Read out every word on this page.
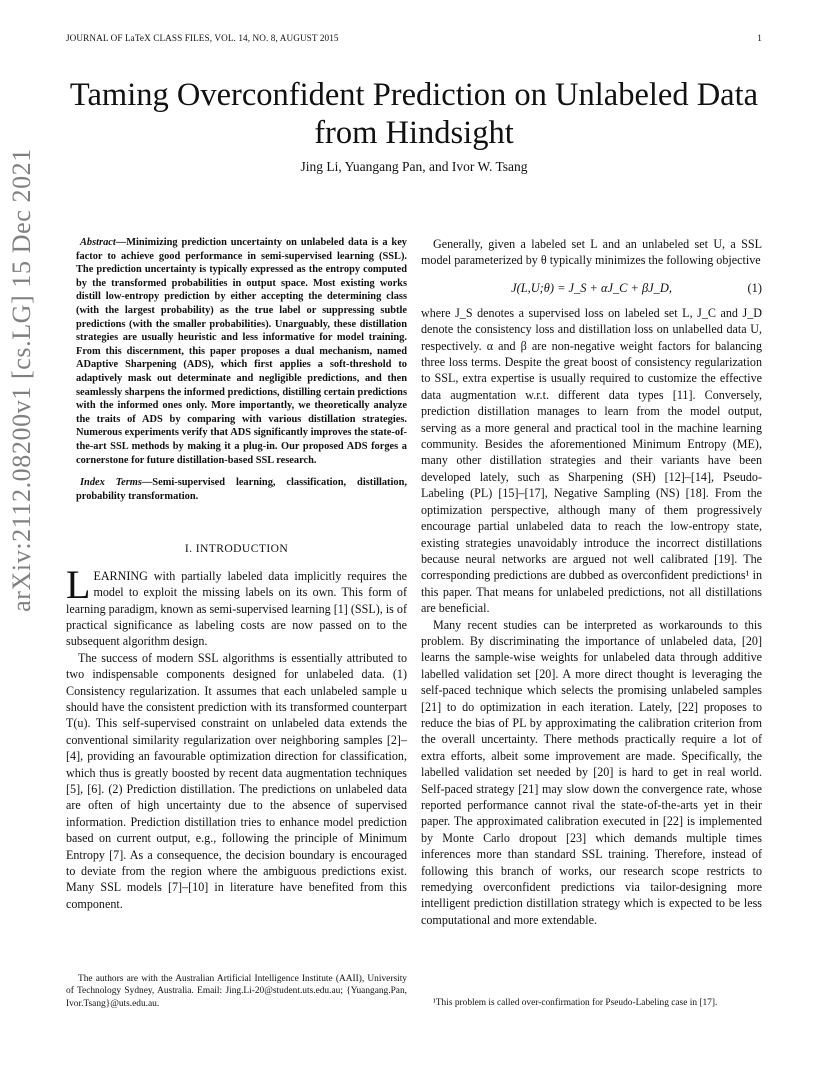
JOURNAL OF LaTeX CLASS FILES, VOL. 14, NO. 8, AUGUST 2015	1
arXiv:2112.08200v1 [cs.LG] 15 Dec 2021
Taming Overconfident Prediction on Unlabeled Data from Hindsight
Jing Li, Yuangang Pan, and Ivor W. Tsang

Abstract—Minimizing prediction uncertainty on unlabeled data is a key factor to achieve good performance in semi-supervised learning (SSL). The prediction uncertainty is typically expressed as the entropy computed by the transformed probabilities in output space. Most existing works distill low-entropy prediction by either accepting the determining class (with the largest probability) as the true label or suppressing subtle predictions (with the smaller probabilities). Unarguably, these distillation strategies are usually heuristic and less informative for model training. From this discernment, this paper proposes a dual mechanism, named ADaptive Sharpening (ADS), which first applies a soft-threshold to adaptively mask out determinate and negligible predictions, and then seamlessly sharpens the informed predictions, distilling certain predictions with the informed ones only. More importantly, we theoretically analyze the traits of ADS by comparing with various distillation strategies. Numerous experiments verify that ADS significantly improves the state-of-the-art SSL methods by making it a plug-in. Our proposed ADS forges a cornerstone for future distillation-based SSL research.

Index Terms—Semi-supervised learning, classification, distillation, probability transformation.

I. INTRODUCTION

LEARNING with partially labeled data implicitly requires the model to exploit the missing labels on its own. This form of learning paradigm, known as semi-supervised learning [1] (SSL), is of practical significance as labeling costs are now passed on to the subsequent algorithm design.

The success of modern SSL algorithms is essentially attributed to two indispensable components designed for unlabeled data. (1) Consistency regularization. It assumes that each unlabeled sample u should have the consistent prediction with its transformed counterpart T(u). This self-supervised constraint on unlabeled data extends the conventional similarity regularization over neighboring samples [2]–[4], providing an favourable optimization direction for classification, which thus is greatly boosted by recent data augmentation techniques [5], [6]. (2) Prediction distillation. The predictions on unlabeled data are often of high uncertainty due to the absence of supervised information. Prediction distillation tries to enhance model prediction based on current output, e.g., following the principle of Minimum Entropy [7]. As a consequence, the decision boundary is encouraged to deviate from the region where the ambiguous predictions exist. Many SSL models [7]–[10] in literature have benefited from this component.

Generally, given a labeled set L and an unlabeled set U, a SSL model parameterized by θ typically minimizes the following objective

J(L,U;θ) = J_S + αJ_C + βJ_D,	(1)

where J_S denotes a supervised loss on labeled set L, J_C and J_D denote the consistency loss and distillation loss on unlabelled data U, respectively. α and β are non-negative weight factors for balancing three loss terms. Despite the great boost of consistency regularization to SSL, extra expertise is usually required to customize the effective data augmentation w.r.t. different data types [11]. Conversely, prediction distillation manages to learn from the model output, serving as a more general and practical tool in the machine learning community. Besides the aforementioned Minimum Entropy (ME), many other distillation strategies and their variants have been developed lately, such as Sharpening (SH) [12]–[14], Pseudo-Labeling (PL) [15]–[17], Negative Sampling (NS) [18]. From the optimization perspective, although many of them progressively encourage partial unlabeled data to reach the low-entropy state, existing strategies unavoidably introduce the incorrect distillations because neural networks are argued not well calibrated [19]. The corresponding predictions are dubbed as overconfident predictions¹ in this paper. That means for unlabeled predictions, not all distillations are beneficial.

Many recent studies can be interpreted as workarounds to this problem. By discriminating the importance of unlabeled data, [20] learns the sample-wise weights for unlabeled data through additive labelled validation set [20]. A more direct thought is leveraging the self-paced technique which selects the promising unlabeled samples [21] to do optimization in each iteration. Lately, [22] proposes to reduce the bias of PL by approximating the calibration criterion from the overall uncertainty. There methods practically require a lot of extra efforts, albeit some improvement are made. Specifically, the labelled validation set needed by [20] is hard to get in real world. Self-paced strategy [21] may slow down the convergence rate, whose reported performance cannot rival the state-of-the-arts yet in their paper. The approximated calibration executed in [22] is implemented by Monte Carlo dropout [23] which demands multiple times inferences more than standard SSL training. Therefore, instead of following this branch of works, our research scope restricts to remedying overconfident predictions via tailor-designing more intelligent prediction distillation strategy which is expected to be less computational and more extendable.

The authors are with the Australian Artificial Intelligence Institute (AAII), University of Technology Sydney, Australia. Email: Jing.Li-20@student.uts.edu.au; {Yuangang.Pan, Ivor.Tsang}@uts.edu.au.	¹This problem is called over-confirmation for Pseudo-Labeling case in [17].
